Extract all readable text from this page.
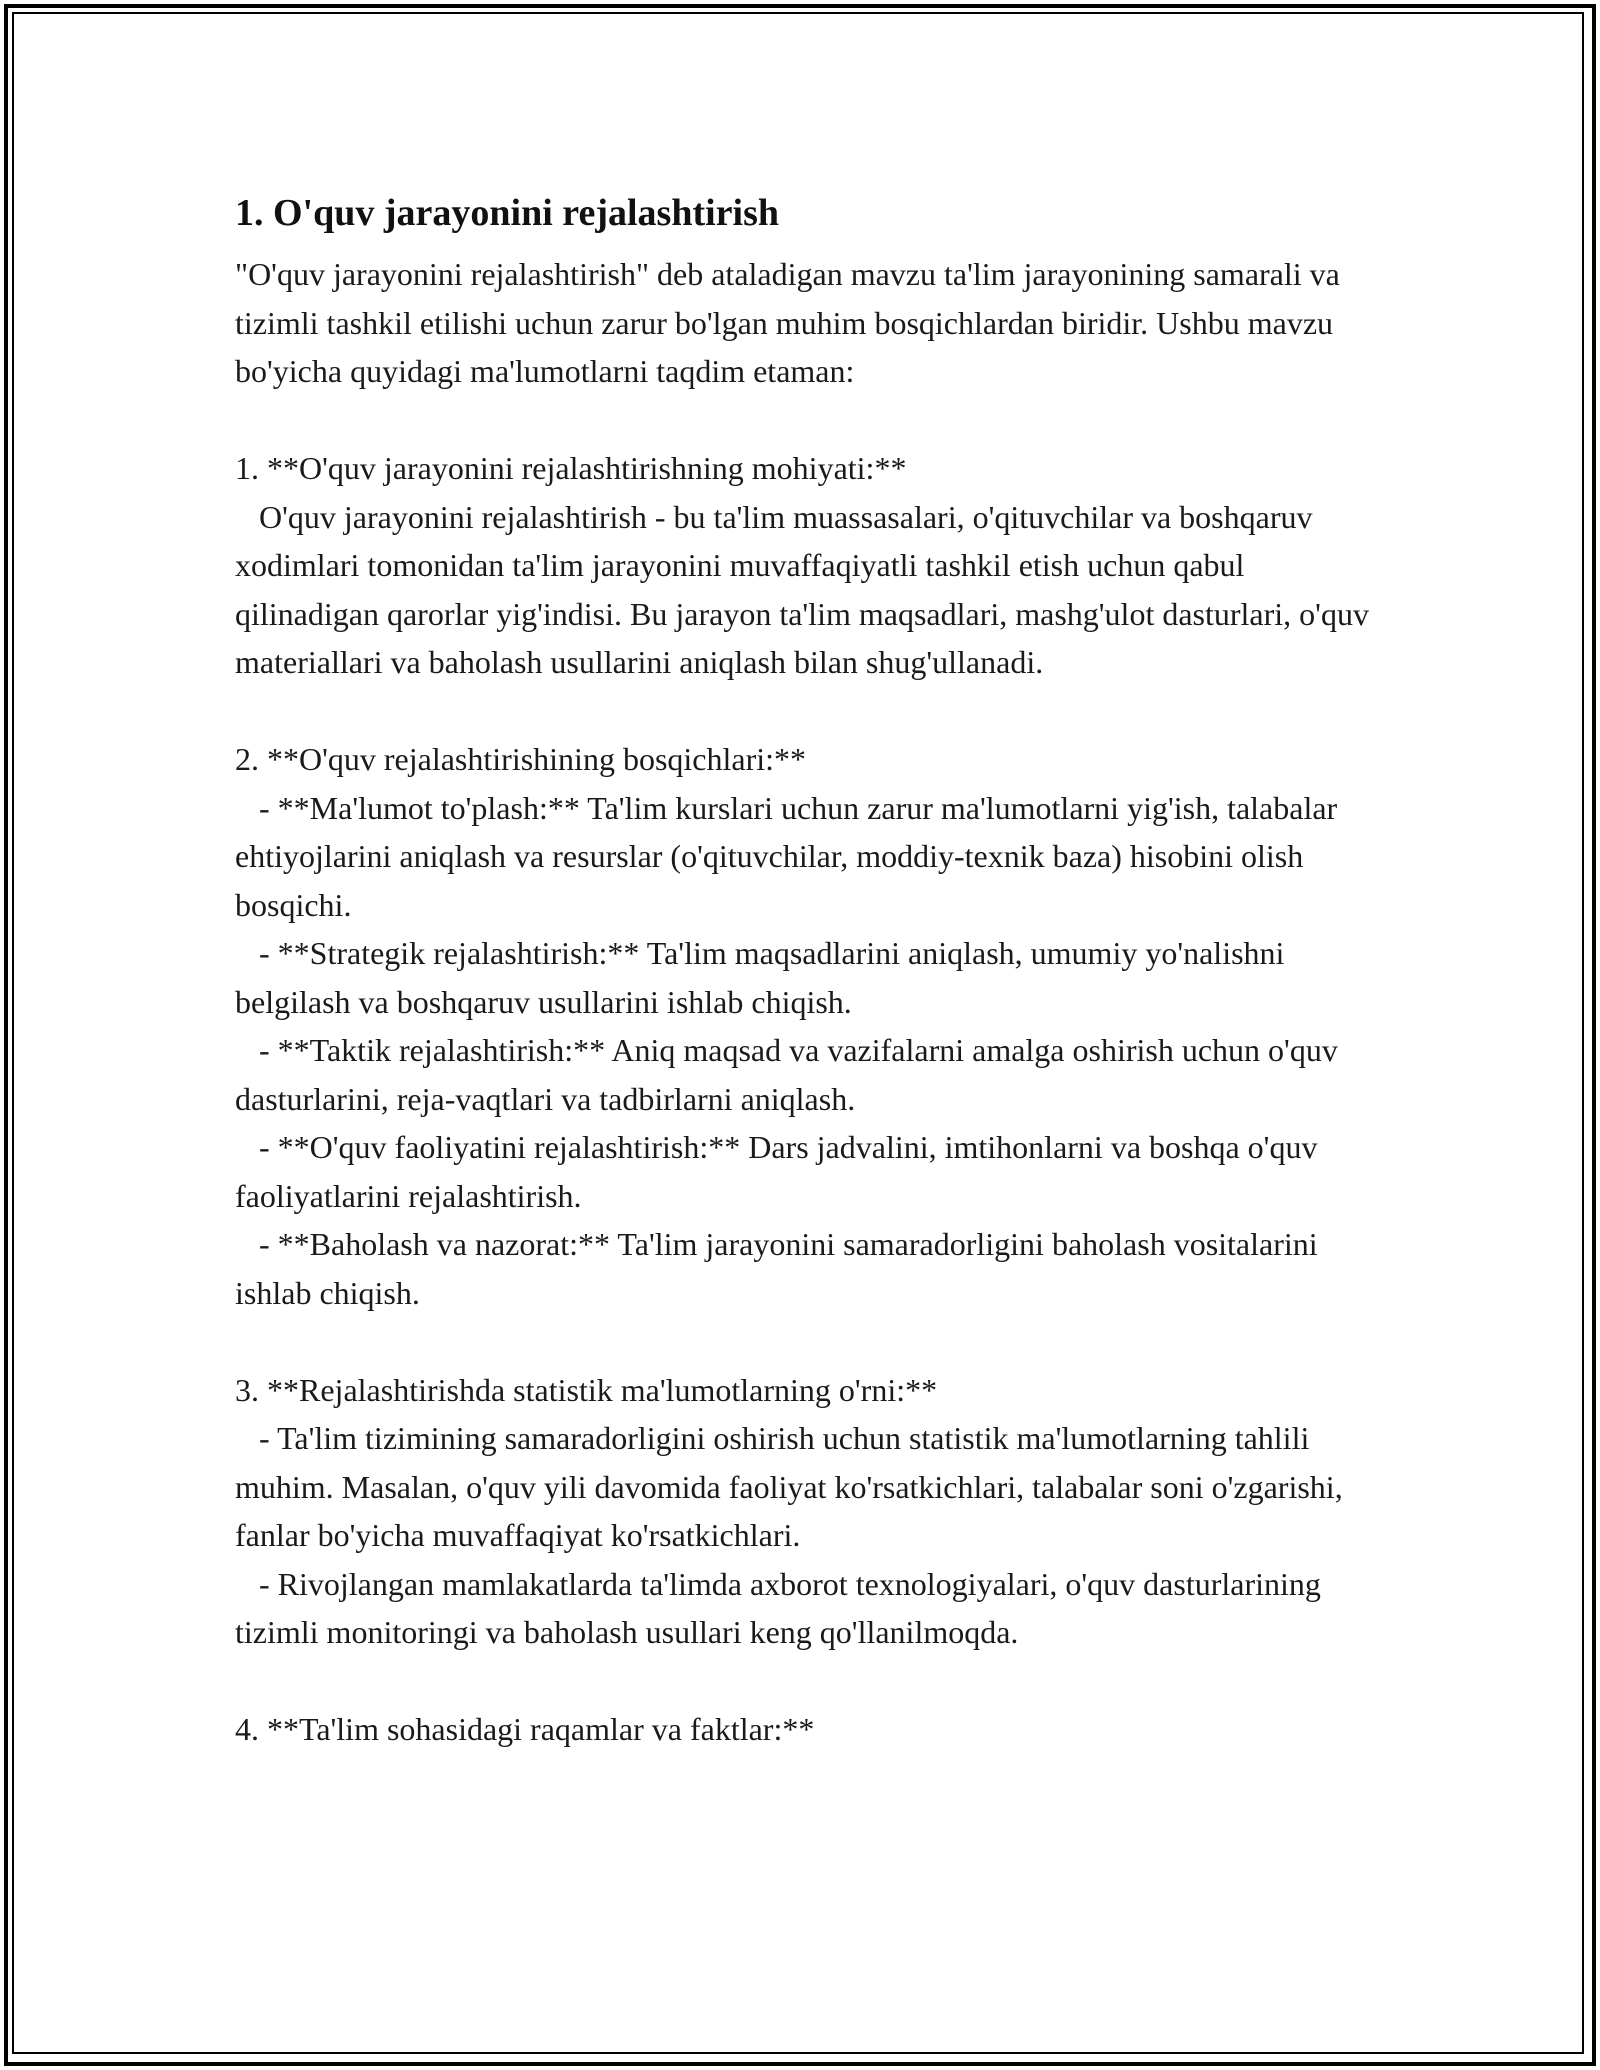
1. O'quv jarayonini rejalashtirish

"O'quv jarayonini rejalashtirish" deb ataladigan mavzu ta'lim jarayonining samarali va tizimli tashkil etilishi uchun zarur bo'lgan muhim bosqichlardan biridir. Ushbu mavzu bo'yicha quyidagi ma'lumotlarni taqdim etaman:

1. **O'quv jarayonini rejalashtirishning mohiyati:**

O'quv jarayonini rejalashtirish - bu ta'lim muassasalari, o'qituvchilar va boshqaruv xodimlari tomonidan ta'lim jarayonini muvaffaqiyatli tashkil etish uchun qabul qilinadigan qarorlar yig'indisi. Bu jarayon ta'lim maqsadlari, mashg'ulot dasturlari, o'quv materiallari va baholash usullarini aniqlash bilan shug'ullanadi.

2. **O'quv rejalashtirishining bosqichlari:**

- **Ma'lumot to'plash:** Ta'lim kurslari uchun zarur ma'lumotlarni yig'ish, talabalar ehtiyojlarini aniqlash va resurslar (o'qituvchilar, moddiy-texnik baza) hisobini olish bosqichi.

- **Strategik rejalashtirish:** Ta'lim maqsadlarini aniqlash, umumiy yo'nalishni belgilash va boshqaruv usullarini ishlab chiqish.

- **Taktik rejalashtirish:** Aniq maqsad va vazifalarni amalga oshirish uchun o'quv dasturlarini, reja-vaqtlari va tadbirlarni aniqlash.

- **O'quv faoliyatini rejalashtirish:** Dars jadvalini, imtihonlarni va boshqa o'quv faoliyatlarini rejalashtirish.

- **Baholash va nazorat:** Ta'lim jarayonini samaradorligini baholash vositalarini ishlab chiqish.

3. **Rejalashtirishda statistik ma'lumotlarning o'rni:**

- Ta'lim tizimining samaradorligini oshirish uchun statistik ma'lumotlarning tahlili muhim. Masalan, o'quv yili davomida faoliyat ko'rsatkichlari, talabalar soni o'zgarishi, fanlar bo'yicha muvaffaqiyat ko'rsatkichlari.

- Rivojlangan mamlakatlarda ta'limda axborot texnologiyalari, o'quv dasturlarining tizimli monitoringi va baholash usullari keng qo'llanilmoqda.

4. **Ta'lim sohasidagi raqamlar va faktlar:**
